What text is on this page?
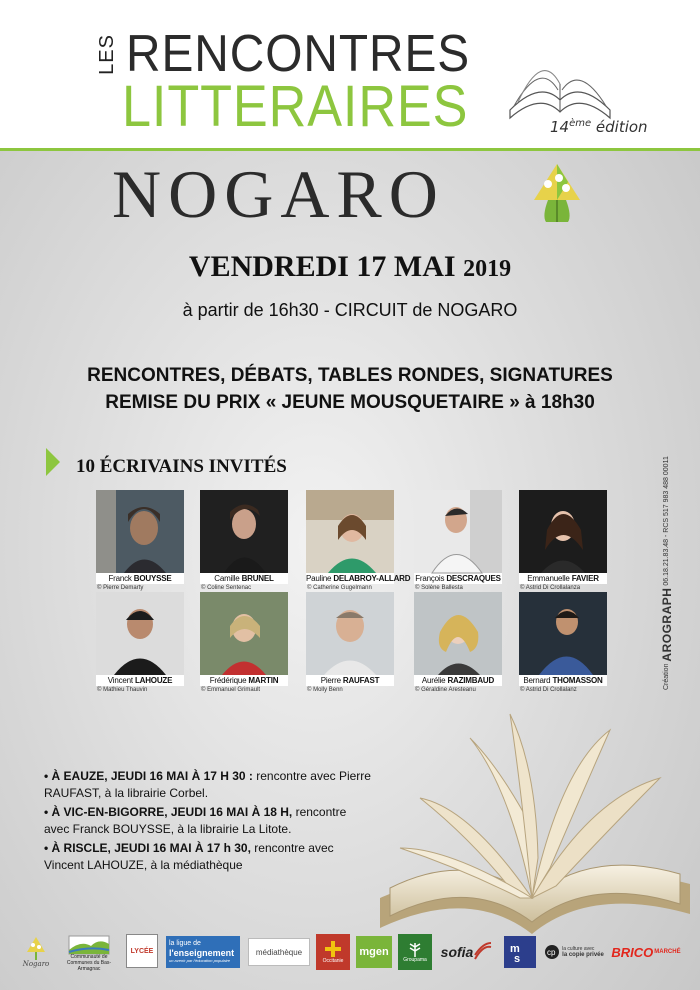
LES RENCONTRES
LITTERAIRES	14ème édition
NOGARO
VENDREDI 17 MAI 2019
à partir de 16h30 - CIRCUIT de NOGARO
RENCONTRES, DÉBATS, TABLES RONDES, SIGNATURES
REMISE DU PRIX « JEUNE MOUSQUETAIRE » à 18h30
10 ÉCRIVAINS INVITÉS
Franck BOUYSSE
© Pierre Demarty
Camille BRUNEL
© Coline Sentenac
Pauline DELABROY-ALLARD
© Catherine Gugelmann
François DESCRAQUES
© Solène Ballesta
Emmanuelle FAVIER
© Astrid Di Crollalanza
Vincent LAHOUZE
© Mathieu Thauvin
Frédérique MARTIN
© Emmanuel Grimault
Pierre RAUFAST
© Molly Benn
Aurélie RAZIMBAUD
© Géraldine Aresteanu
Bernard THOMASSON
© Astrid Di Crollalanz	Création AROGRAPH 06.18.21.83.48 - RCS 517 983 488 00011

• À EAUZE, JEUDI 16 MAI À 17 H 30 : rencontre avec Pierre RAUFAST, à la librairie Corbel.

• À VIC-EN-BIGORRE, JEUDI 16 MAI À 18 H, rencontre avec Franck BOUYSSE, à la librairie La Litote.

• À RISCLE, JEUDI 16 MAI À 17 h 30, rencontre avec Vincent LAHOUZE, à la médiathèque

Nogaro
Communauté de Communes du Bas-Armagnac
LYCÉE
la ligue de
l'enseignement
un avenir par l'éducation populaire
médiathèque
Occitanie
mgen
Groupama sofia	m
s
cp la culture avec
la copie privée BRICO MARCHÉ
